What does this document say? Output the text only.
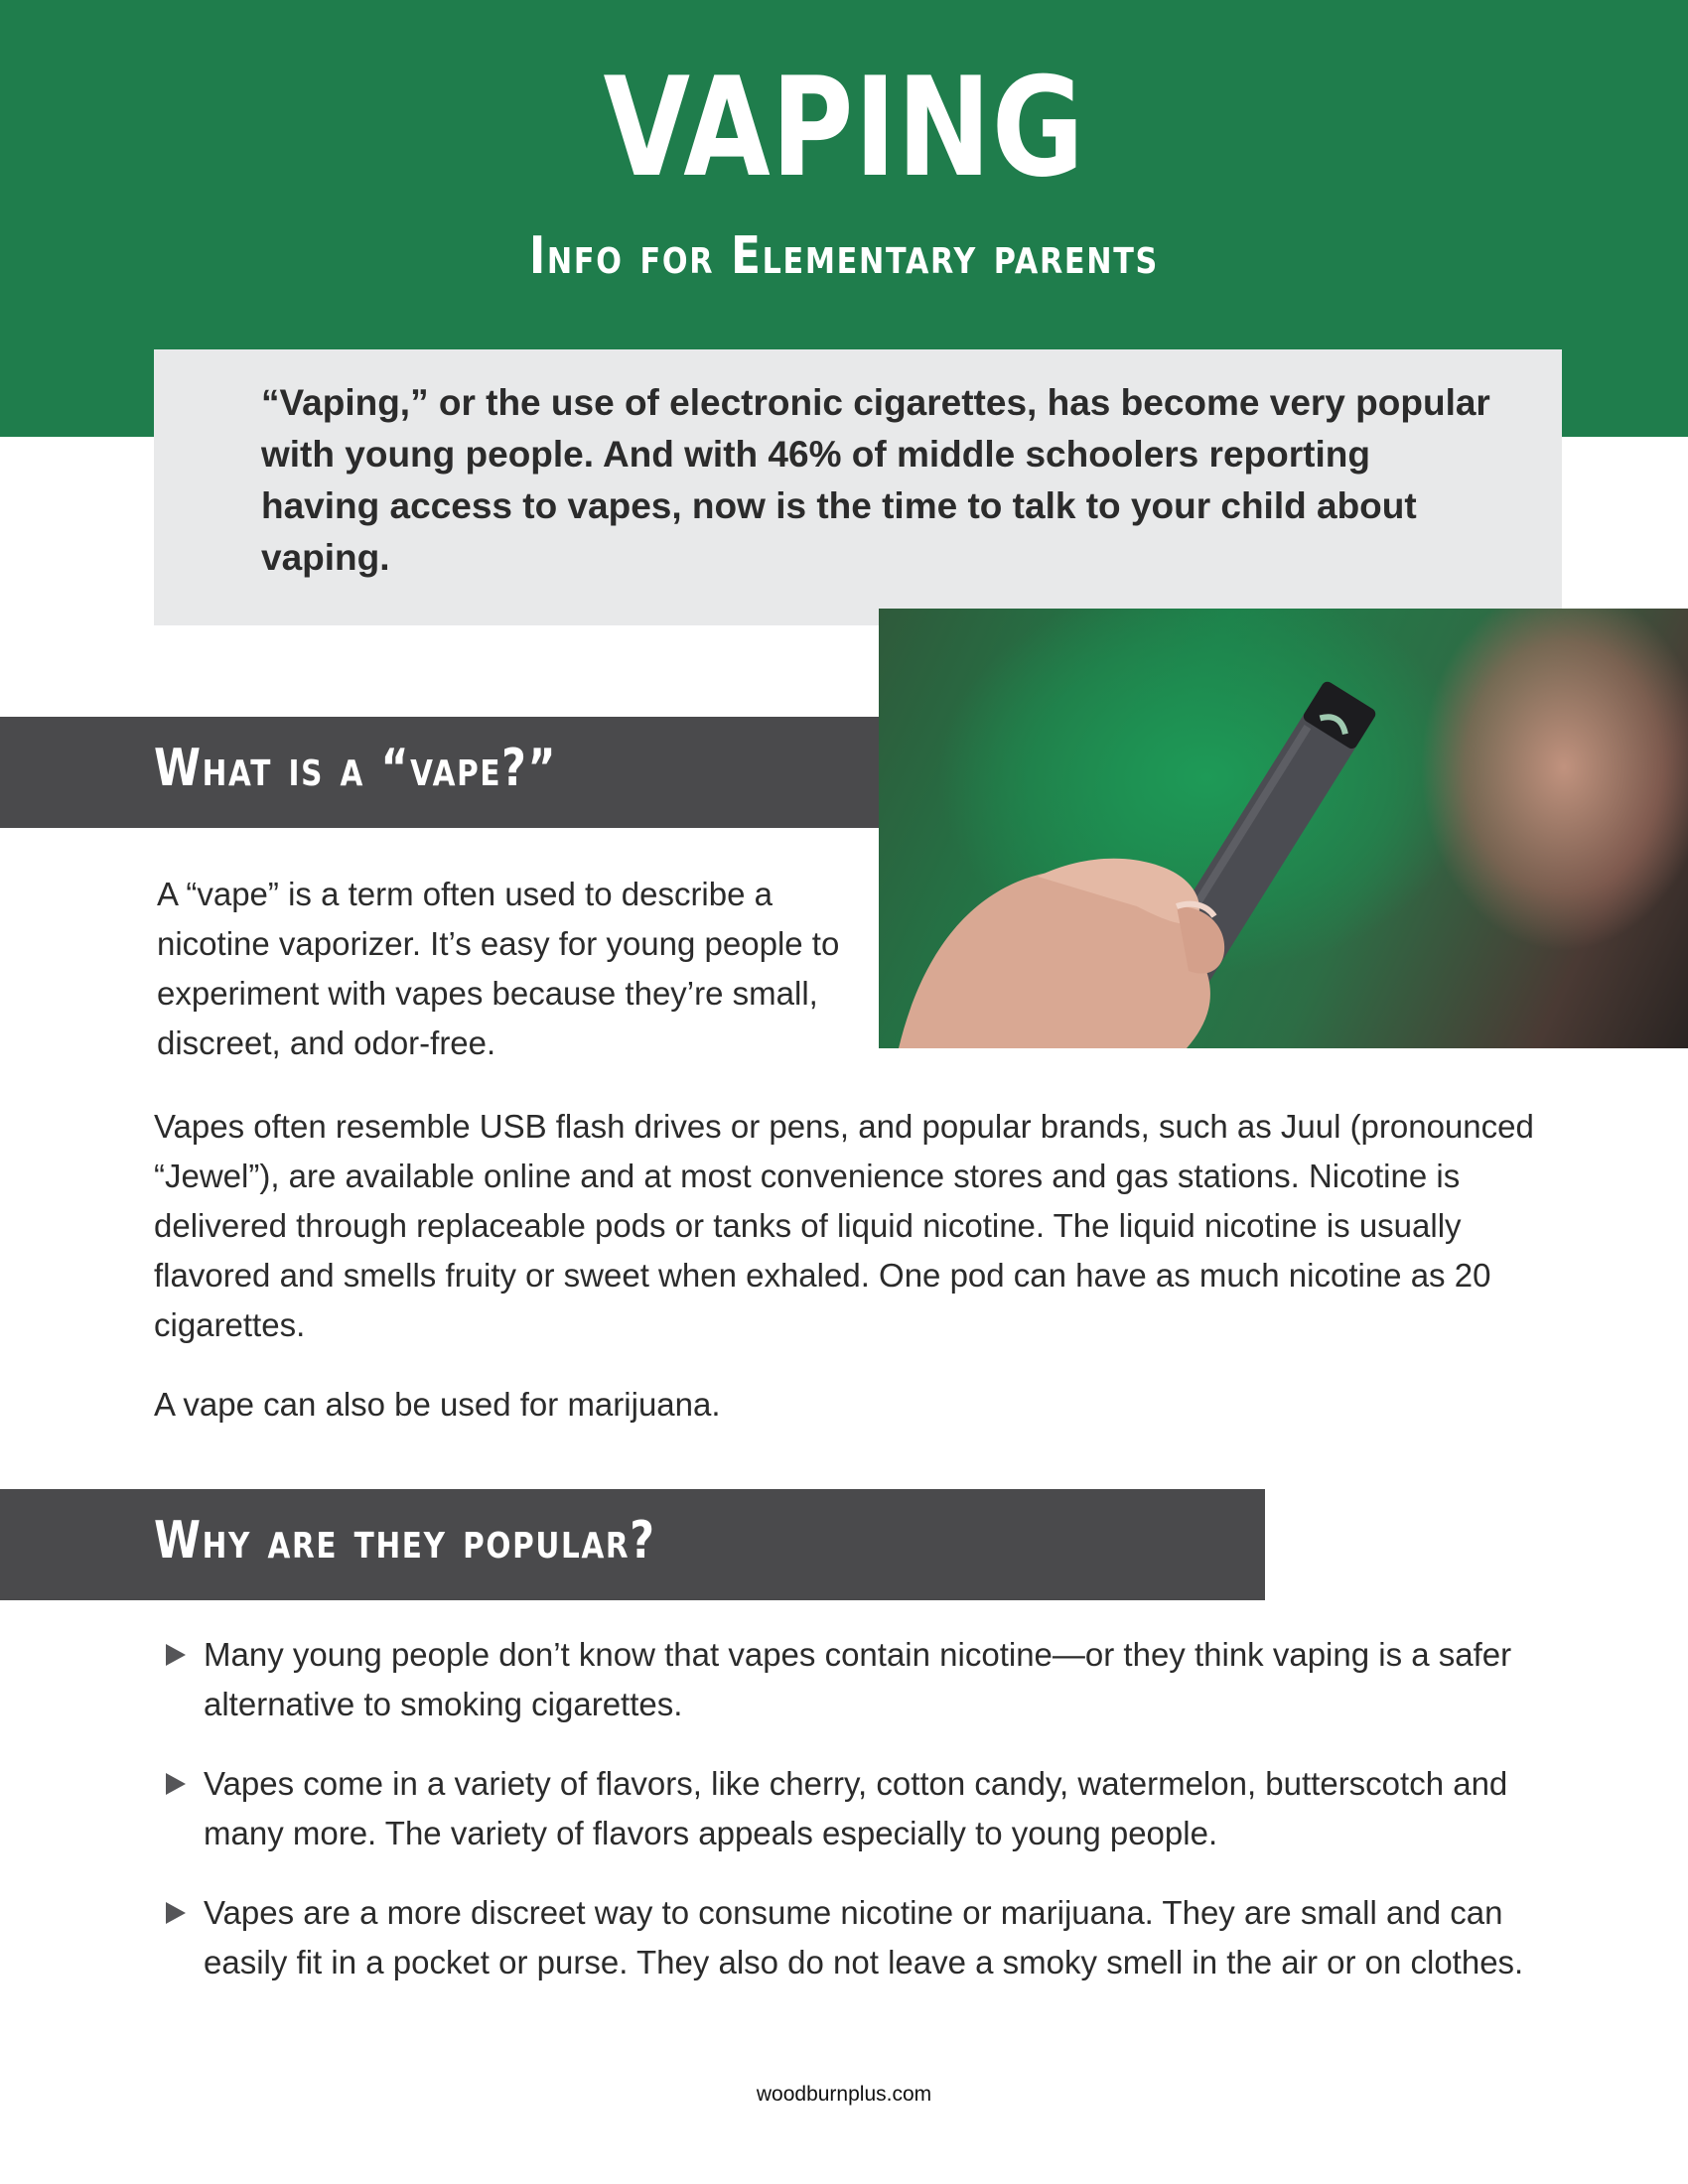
VAPING
Info for Elementary parents

“Vaping,” or the use of electronic cigarettes, has become very popular with young people. And with 46% of middle schoolers reporting having access to vapes, now is the time to talk to your child about vaping.

What is a “vape?”

A “vape” is a term often used to describe a nicotine vaporizer. It’s easy for young people to experiment with vapes because they’re small, discreet, and odor-free.

Vapes often resemble USB flash drives or pens, and popular brands, such as Juul (pronounced “Jewel”), are available online and at most convenience stores and gas stations. Nicotine is delivered through replaceable pods or tanks of liquid nicotine. The liquid nicotine is usually flavored and smells fruity or sweet when exhaled. One pod can have as much nicotine as 20 cigarettes.

A vape can also be used for marijuana.

Why are they popular?
Many young people don’t know that vapes contain nicotine—or they think vaping is a safer alternative to smoking cigarettes.
Vapes come in a variety of flavors, like cherry, cotton candy, watermelon, butterscotch and many more. The variety of flavors appeals especially to young people.
Vapes are a more discreet way to consume nicotine or marijuana. They are small and can easily fit in a pocket or purse. They also do not leave a smoky smell in the air or on clothes.
woodburnplus.com
